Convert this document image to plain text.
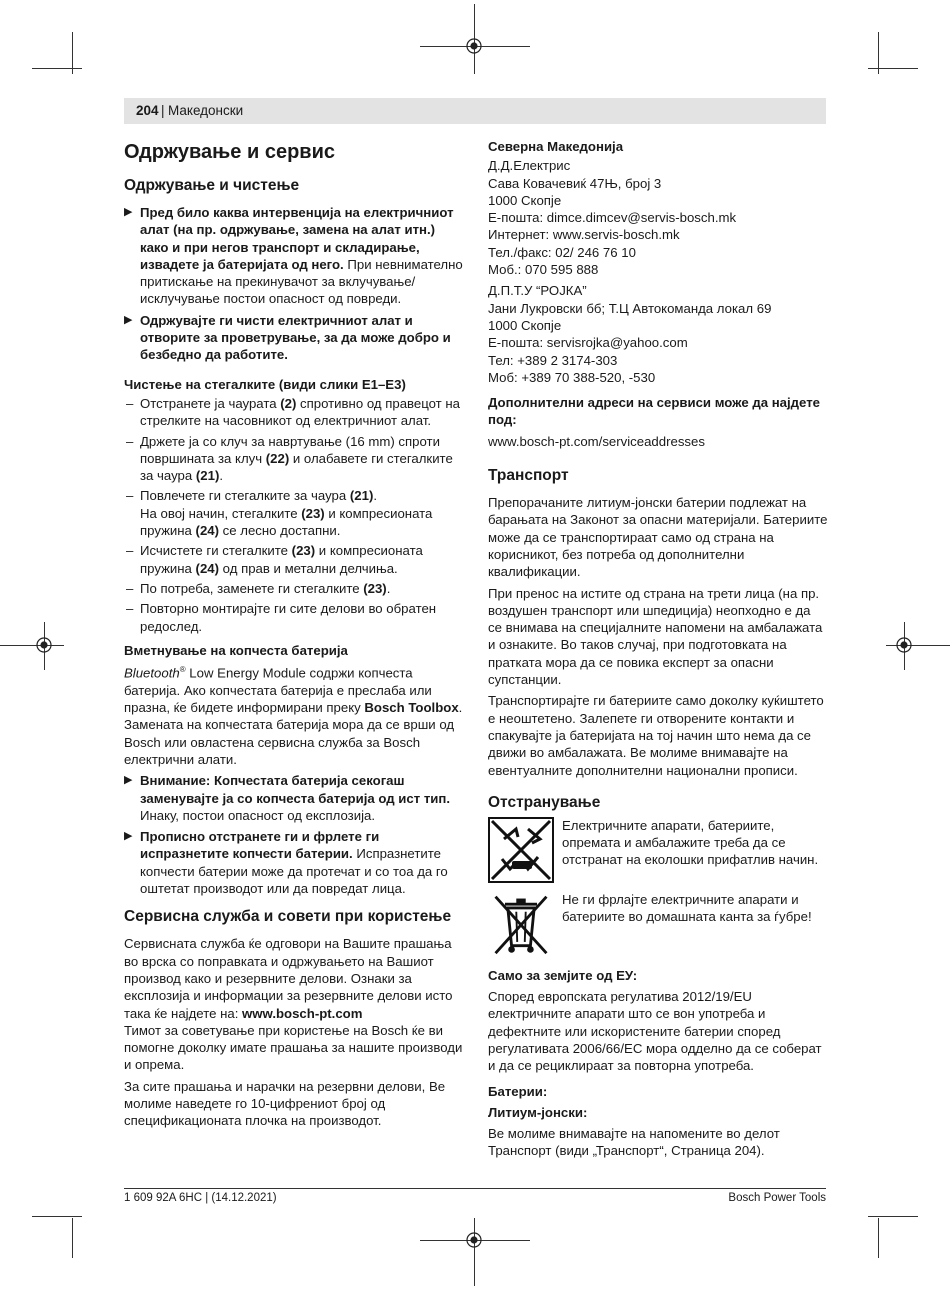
204 | Македонски
Одржување и сервис
Одржување и чистење
▶ Пред било каква интервенција на електричниот алат (на пр. одржување, замена на алат итн.) како и при негов транспорт и складирање, извадете ја батеријата од него. При невнимателно притискање на прекинувачот за вклучување/исклучување постои опасност од повреди.
▶ Одржувајте ги чисти електричниот алат и отворите за проветрување, за да може добро и безбедно да работите.
Чистење на стегалките (види слики E1–E3)
– Отстранете ја чаурата (2) спротивно од правецот на стрелките на часовникот од електричниот алат.
– Држете ја со клуч за навртување (16 mm) спроти површината за клуч (22) и олабавете ги стегалките за чаура (21).
– Повлечете ги стегалките за чаура (21).
На овој начин, стегалките (23) и компресионата пружина (24) се лесно достапни.
– Исчистете ги стегалките (23) и компресионата пружина (24) од прав и метални делчиња.
– По потреба, заменете ги стегалките (23).
– Повторно монтирајте ги сите делови во обратен редослед.
Вметнување на копчеста батерија

Bluetooth® Low Energy Module содржи копчеста батерија. Ако копчестата батерија е преслаба или празна, ќе бидете информирани преку Bosch Toolbox. Замената на копчестата батерија мора да се врши од Bosch или овластена сервисна служба за Bosch електрични алати.

▶ Внимание: Копчестата батерија секогаш заменувајте ја со копчеста батерија од ист тип. Инаку, постои опасност од експлозија.
▶ Прописно отстранете ги и фрлете ги испразнетите копчести батерии. Испразнетите копчести батерии може да протечат и со тоа да го оштетат производот или да повредат лица.
Сервисна служба и совети при користење

Сервисната служба ќе одговори на Вашите прашања во врска со поправката и одржувањето на Вашиот производ како и резервните делови. Ознаки за експлозија и информации за резервните делови исто така ќе најдете на: www.bosch-pt.com

Тимот за советување при користење на Bosch ќе ви помогне доколку имате прашања за нашите производи и опрема.

За сите прашања и нарачки на резервни делови, Ве молиме наведете го 10-цифрениот број од спецификационата плочка на производот.

Северна Македонија
Д.Д.Електрис
Сава Ковачевиќ 47Њ, број 3
1000 Скопје
Е-пошта: dimce.dimcev@servis-bosch.mk
Интернет: www.servis-bosch.mk
Тел./факс: 02/ 246 76 10
Моб.: 070 595 888
Д.П.Т.У “РОЈКА”
Јани Лукровски бб; Т.Ц Автокоманда локал 69
1000 Скопје
Е-пошта: servisrojka@yahoo.com
Тел: +389 2 3174-303
Моб: +389 70 388-520, -530
Дополнителни адреси на сервиси може да најдете под:

www.bosch-pt.com/serviceaddresses

Транспорт

Препорачаните литиум-јонски батерии подлежат на барањата на Законот за опасни материјали. Батериите може да се транспортираат само од страна на корисникот, без потреба од дополнителни квалификации.

При пренос на истите од страна на трети лица (на пр. воздушен транспорт или шпедиција) неопходно е да се внимава на специјалните напомени на амбалажата и ознаките. Во таков случај, при подготовката на пратката мора да се повика експерт за опасни супстанции.

Транспортирајте ги батериите само доколку куќиштето е неоштетено. Залепете ги отворените контакти и спакувајте ја батеријата на тој начин што нема да се движи во амбалажата. Ве молиме внимавајте на евентуалните дополнителни национални прописи.

Отстранување
Електричните апарати, батериите, опремата и амбалажите треба да се отстранат на еколошки прифатлив начин.
Не ги фрлајте електричните апарати и батериите во домашната канта за ѓубре!
Само за земјите од ЕУ:

Според европската регулатива 2012/19/EU електричните апарати што се вон употреба и дефектните или искористените батерии според регулативата 2006/66/EC мора одделно да се соберат и да се рециклираат за повторна употреба.

Батерии:
Литиум-јонски:

Ве молиме внимавајте на напомените во делот Транспорт (види „Транспорт“, Страница 204).

1 609 92A 6HC | (14.12.2021)	Bosch Power Tools
